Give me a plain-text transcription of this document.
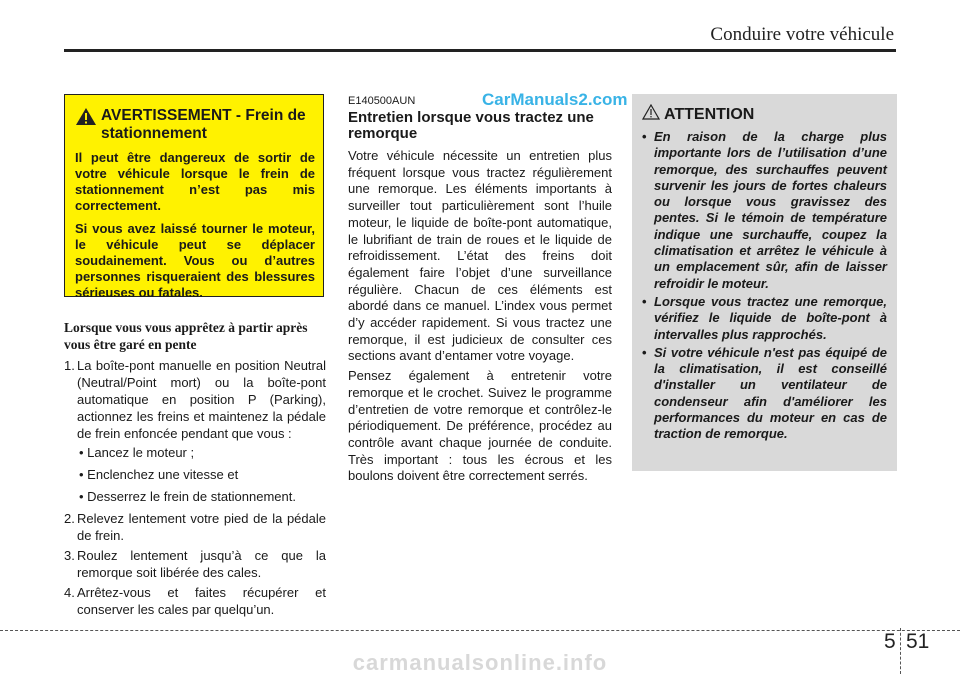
Conduire votre véhicule
AVERTISSEMENT - Frein de stationnement

Il peut être dangereux de sortir de votre véhicule lorsque le frein de stationnement n’est pas mis correctement.

Si vous avez laissé tourner le moteur, le véhicule peut se déplacer soudainement. Vous ou d’autres personnes risqueraient des blessures sérieuses ou fatales.

Lorsque vous vous apprêtez à partir après vous être garé en pente
1. La boîte-pont manuelle en position Neutral (Neutral/Point mort) ou la boîte-pont automatique en position P (Parking), actionnez les freins et maintenez la pédale de frein enfoncée pendant que vous :
• Lancez le moteur ;
• Enclenchez une vitesse et
• Desserrez le frein de stationnement.
2. Relevez lentement votre pied de la pédale de frein.
3. Roulez lentement jusqu’à ce que la remorque soit libérée des cales.
4. Arrêtez-vous et faites récupérer et conserver les cales par quelqu’un.
E140500AUN	CarManuals2.com
Entretien lorsque vous tractez une remorque

Votre véhicule nécessite un entretien plus fréquent lorsque vous tractez régulièrement une remorque. Les éléments importants à surveiller tout particulièrement sont l’huile moteur, le liquide de boîte-pont automatique, le lubrifiant de train de roues et le liquide de refroidissement. L’état des freins doit également faire l’objet d’une surveillance régulière. Chacun de ces éléments est abordé dans ce manuel. L’index vous permet d’y accéder rapidement. Si vous tractez une remorque, il est judicieux de consulter ces sections avant d’entamer votre voyage.

Pensez également à entretenir votre remorque et le crochet. Suivez le programme d’entretien de votre remorque et contrôlez-le périodiquement. De préférence, procédez au contrôle avant chaque journée de conduite. Très important : tous les écrous et les boulons doivent être correctement serrés.

ATTENTION
• En raison de la charge plus importante lors de l’utilisation d’une remorque, des surchauffes peuvent survenir les jours de fortes chaleurs ou lorsque vous gravissez des pentes. Si le témoin de température indique une surchauffe, coupez la climatisation et arrêtez le véhicule à un emplacement sûr, afin de laisser refroidir le moteur.
• Lorsque vous tractez une remorque, vérifiez le liquide de boîte-pont à intervalles plus rapprochés.
• Si votre véhicule n'est pas équipé de la climatisation, il est conseillé d'installer un ventilateur de condenseur afin d'améliorer les performances du moteur en cas de traction de remorque.
5 51
carmanualsonline.info
